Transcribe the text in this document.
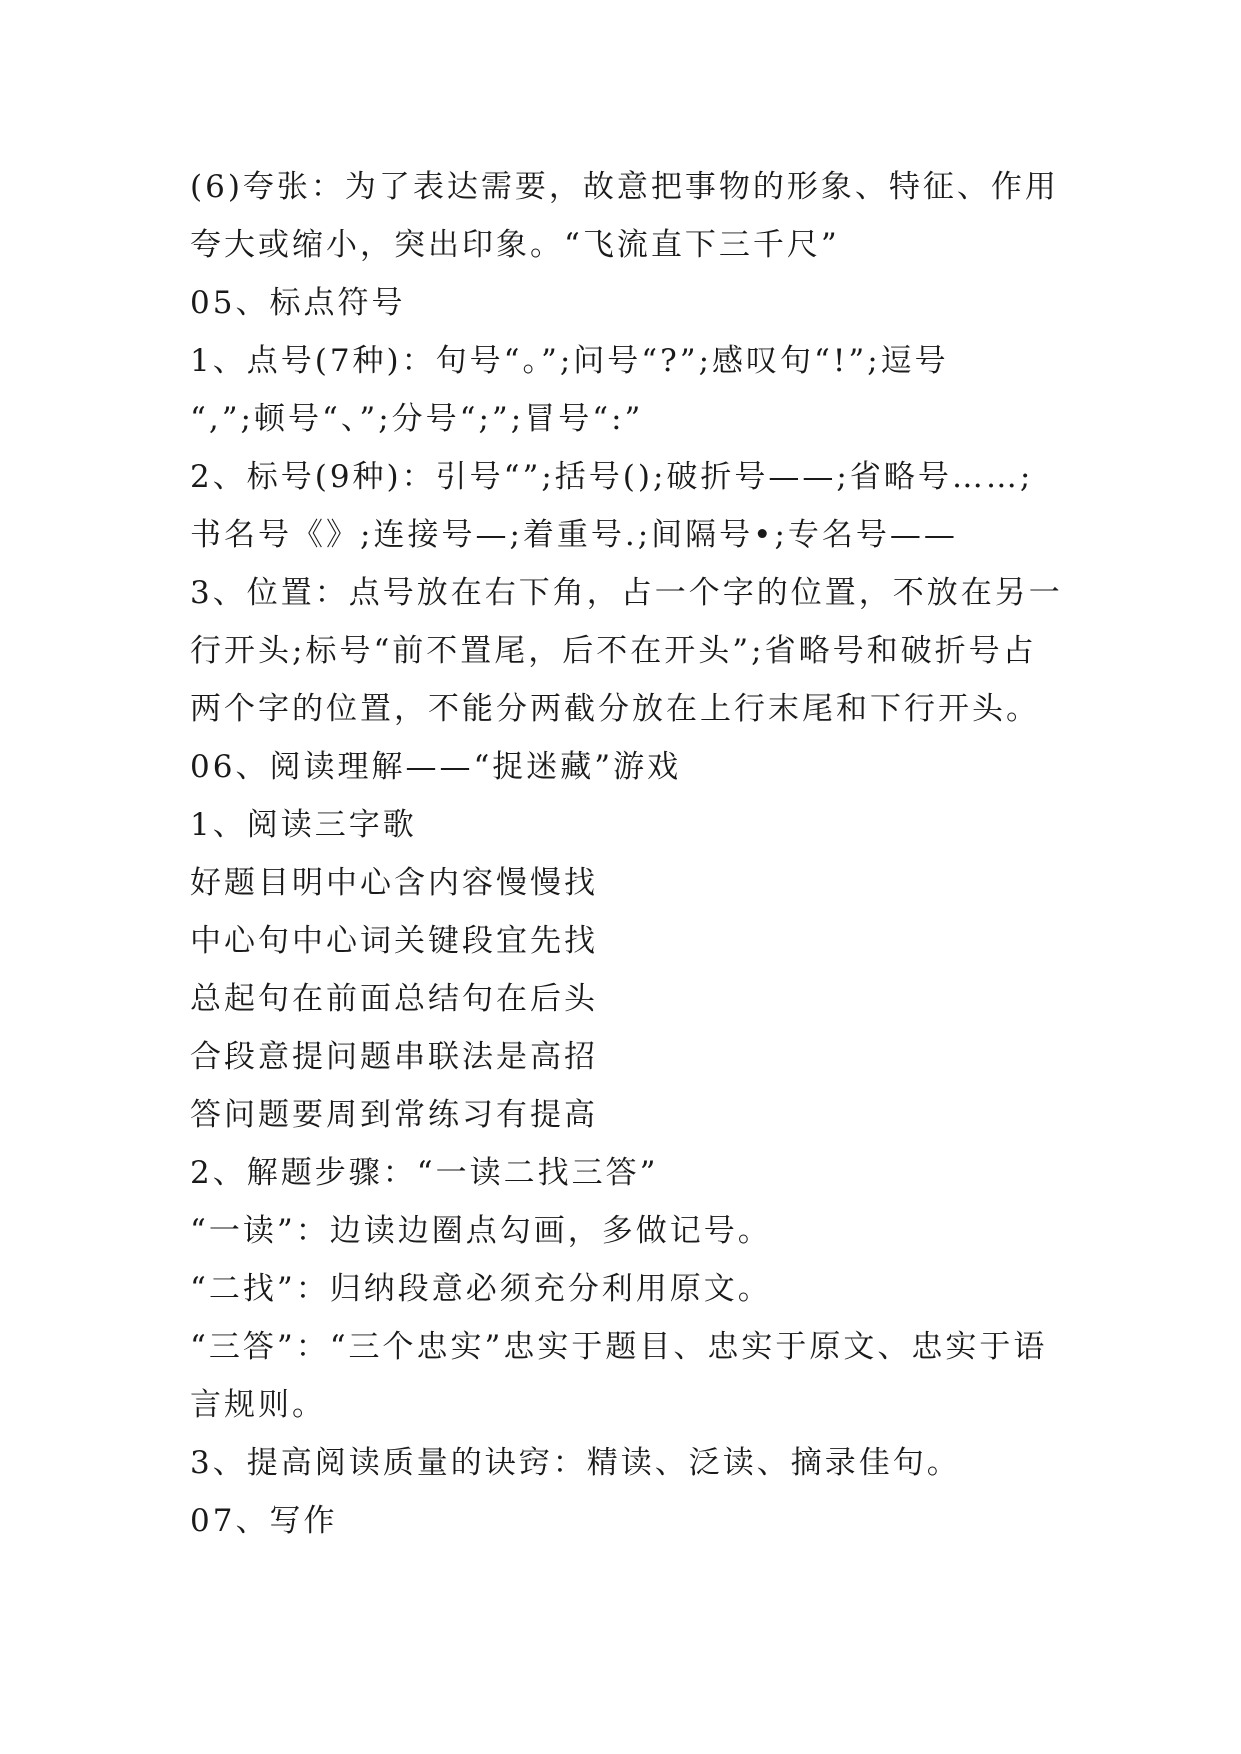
(6)夸张：为了表达需要，故意把事物的形象、特征、作用
夸大或缩小，突出印象。“飞流直下三千尺”
05、标点符号
1、点号(7种)：句号“。”;问号“?”;感叹句“!”;逗号
“,”;顿号“、”;分号“;”;冒号“:”
2、标号(9种)：引号“”;括号();破折号——;省略号……;
书名号《》;连接号—;着重号.;间隔号•;专名号——
3、位置：点号放在右下角，占一个字的位置，不放在另一
行开头;标号“前不置尾，后不在开头”;省略号和破折号占
两个字的位置，不能分两截分放在上行末尾和下行开头。
06、阅读理解——“捉迷藏”游戏
1、阅读三字歌
好题目明中心含内容慢慢找
中心句中心词关键段宜先找
总起句在前面总结句在后头
合段意提问题串联法是高招
答问题要周到常练习有提高
2、解题步骤：“一读二找三答”
“一读”：边读边圈点勾画，多做记号。
“二找”：归纳段意必须充分利用原文。
“三答”：“三个忠实”忠实于题目、忠实于原文、忠实于语
言规则。
3、提高阅读质量的诀窍：精读、泛读、摘录佳句。
07、写作
